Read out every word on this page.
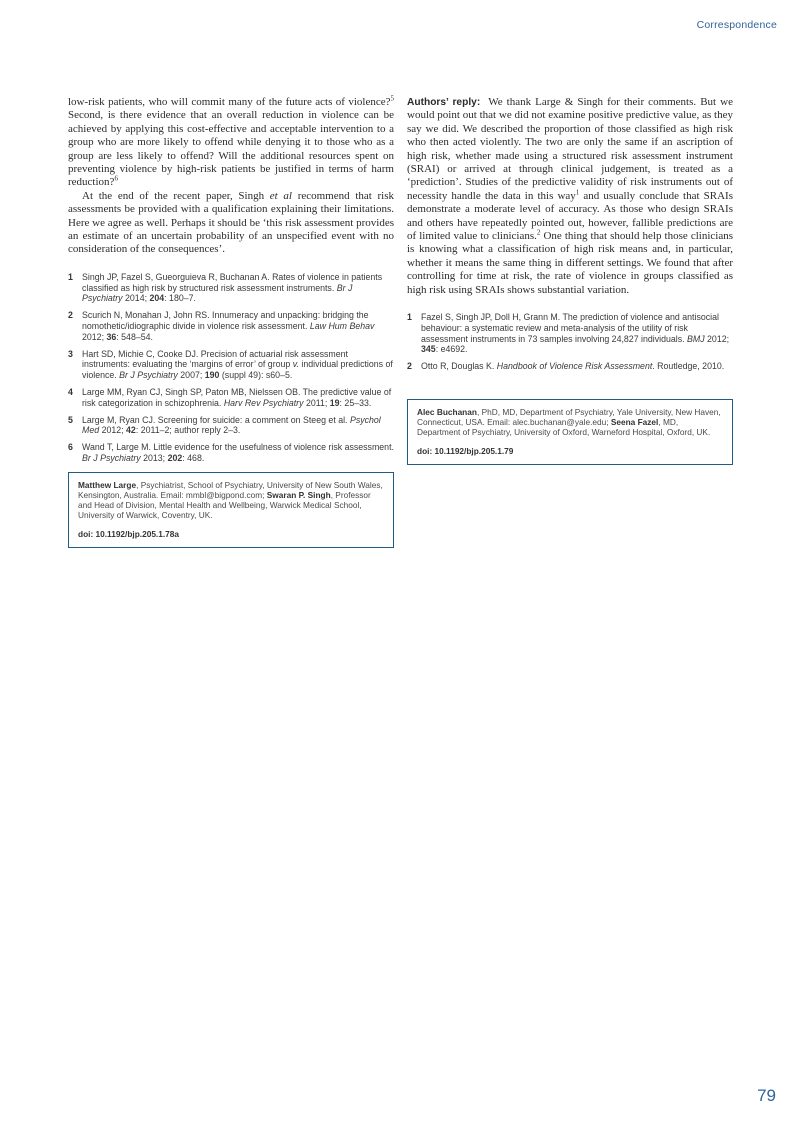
Correspondence

low-risk patients, who will commit many of the future acts of violence?$^5$ Second, is there evidence that an overall reduction in violence can be achieved by applying this cost-effective and acceptable intervention to a group who are more likely to offend while denying it to those who as a group are less likely to offend? Will the additional resources spent on preventing violence by high-risk patients be justified in terms of harm reduction?$^6$

At the end of the recent paper, Singh et al recommend that risk assessments be provided with a qualification explaining their limitations. Here we agree as well. Perhaps it should be ‘this risk assessment provides an estimate of an uncertain probability of an unspecified event with no consideration of the consequences’.

1	Singh JP, Fazel S, Gueorguieva R, Buchanan A. Rates of violence in patients classified as high risk by structured risk assessment instruments. Br J Psychiatry 2014; 204: 180–7.
2	Scurich N, Monahan J, John RS. Innumeracy and unpacking: bridging the nomothetic/idiographic divide in violence risk assessment. Law Hum Behav 2012; 36: 548–54.
3	Hart SD, Michie C, Cooke DJ. Precision of actuarial risk assessment instruments: evaluating the ‘margins of error’ of group v. individual predictions of violence. Br J Psychiatry 2007; 190 (suppl 49): s60–5.
4	Large MM, Ryan CJ, Singh SP, Paton MB, Nielssen OB. The predictive value of risk categorization in schizophrenia. Harv Rev Psychiatry 2011; 19: 25–33.
5	Large M, Ryan CJ. Screening for suicide: a comment on Steeg et al. Psychol Med 2012; 42: 2011–2; author reply 2–3.
6	Wand T, Large M. Little evidence for the usefulness of violence risk assessment. Br J Psychiatry 2013; 202: 468.

Matthew Large, Psychiatrist, School of Psychiatry, University of New South Wales, Kensington, Australia. Email: mmbl@bigpond.com; Swaran P. Singh, Professor and Head of Division, Mental Health and Wellbeing, Warwick Medical School, University of Warwick, Coventry, UK.

doi: 10.1192/bjp.205.1.78a

Authors’ reply: We thank Large & Singh for their comments. But we would point out that we did not examine positive predictive value, as they say we did. We described the proportion of those classified as high risk who then acted violently. The two are only the same if an ascription of high risk, whether made using a structured risk assessment instrument (SRAI) or arrived at through clinical judgement, is treated as a ‘prediction’. Studies of the predictive validity of risk instruments out of necessity handle the data in this way$^1$ and usually conclude that SRAIs demonstrate a moderate level of accuracy. As those who design SRAIs and others have repeatedly pointed out, however, fallible predictions are of limited value to clinicians.$^2$ One thing that should help those clinicians is knowing what a classification of high risk means and, in particular, whether it means the same thing in different settings. We found that after controlling for time at risk, the rate of violence in groups classified as high risk using SRAIs shows substantial variation.

1	Fazel S, Singh JP, Doll H, Grann M. The prediction of violence and antisocial behaviour: a systematic review and meta-analysis of the utility of risk assessment instruments in 73 samples involving 24,827 individuals. BMJ 2012; 345: e4692.
2	Otto R, Douglas K. Handbook of Violence Risk Assessment. Routledge, 2010.

Alec Buchanan, PhD, MD, Department of Psychiatry, Yale University, New Haven, Connecticut, USA. Email: alec.buchanan@yale.edu; Seena Fazel, MD, Department of Psychiatry, University of Oxford, Warneford Hospital, Oxford, UK.

doi: 10.1192/bjp.205.1.79

79
